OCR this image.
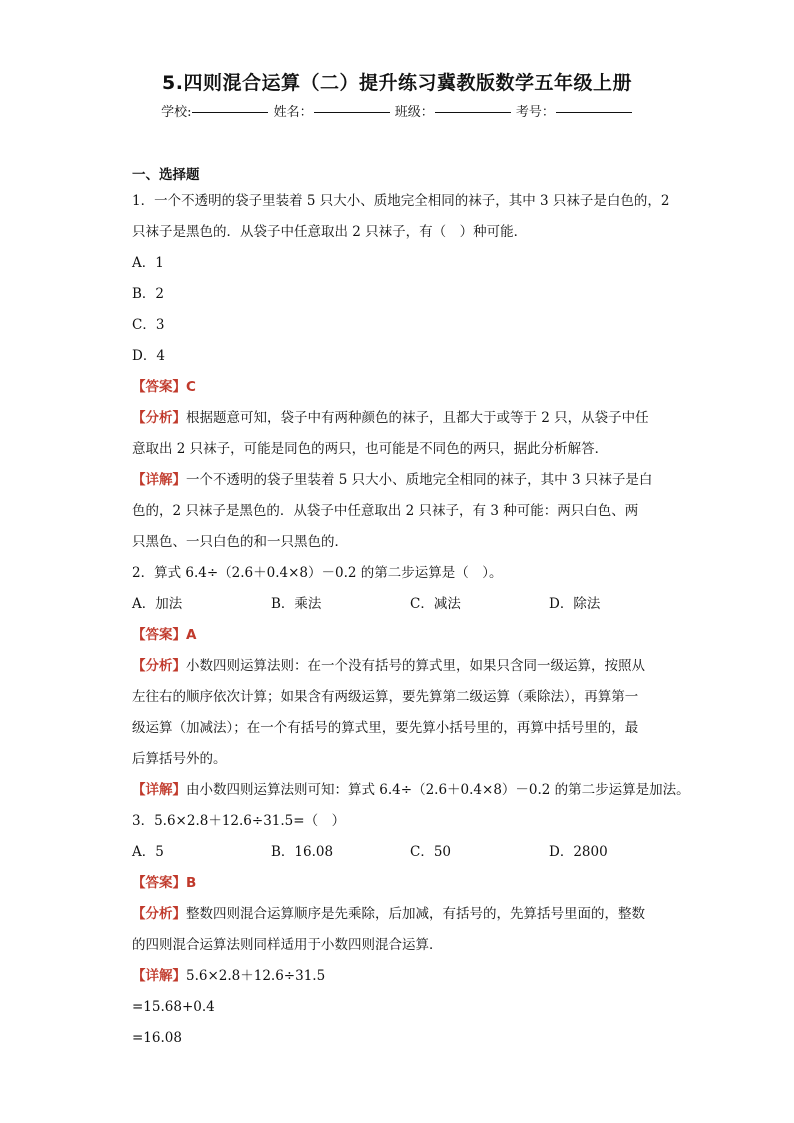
5.四则混合运算（二）提升练习冀教版数学五年级上册
学校:	姓名：	班级：	考号：
一、选择题
1．一个不透明的袋子里装着 5 只大小、质地完全相同的袜子，其中 3 只袜子是白色的，2
只袜子是黑色的．从袋子中任意取出 2 只袜子，有（　）种可能．
A．1
B．2
C．3
D．4
【答案】C
【分析】根据题意可知，袋子中有两种颜色的袜子，且都大于或等于 2 只，从袋子中任
意取出 2 只袜子，可能是同色的两只，也可能是不同色的两只，据此分析解答．
【详解】一个不透明的袋子里装着 5 只大小、质地完全相同的袜子，其中 3 只袜子是白
色的，2 只袜子是黑色的．从袋子中任意取出 2 只袜子，有 3 种可能：两只白色、两
只黑色、一只白色的和一只黑色的．
2．算式 6.4÷（2.6＋0.4×8）－0.2 的第二步运算是（　）。
A．加法	B．乘法	C．减法	D．除法
【答案】A
【分析】小数四则运算法则：在一个没有括号的算式里，如果只含同一级运算，按照从
左往右的顺序依次计算；如果含有两级运算，要先算第二级运算（乘除法），再算第一
级运算（加减法）；在一个有括号的算式里，要先算小括号里的，再算中括号里的，最
后算括号外的。
【详解】由小数四则运算法则可知：算式 6.4÷（2.6＋0.4×8）－0.2 的第二步运算是加法。
3．5.6×2.8＋12.6÷31.5=（　）
A．5	B．16.08	C．50	D．2800
【答案】B
【分析】整数四则混合运算顺序是先乘除，后加减，有括号的，先算括号里面的，整数
的四则混合运算法则同样适用于小数四则混合运算．
【详解】5.6×2.8＋12.6÷31.5
=15.68+0.4
=16.08
